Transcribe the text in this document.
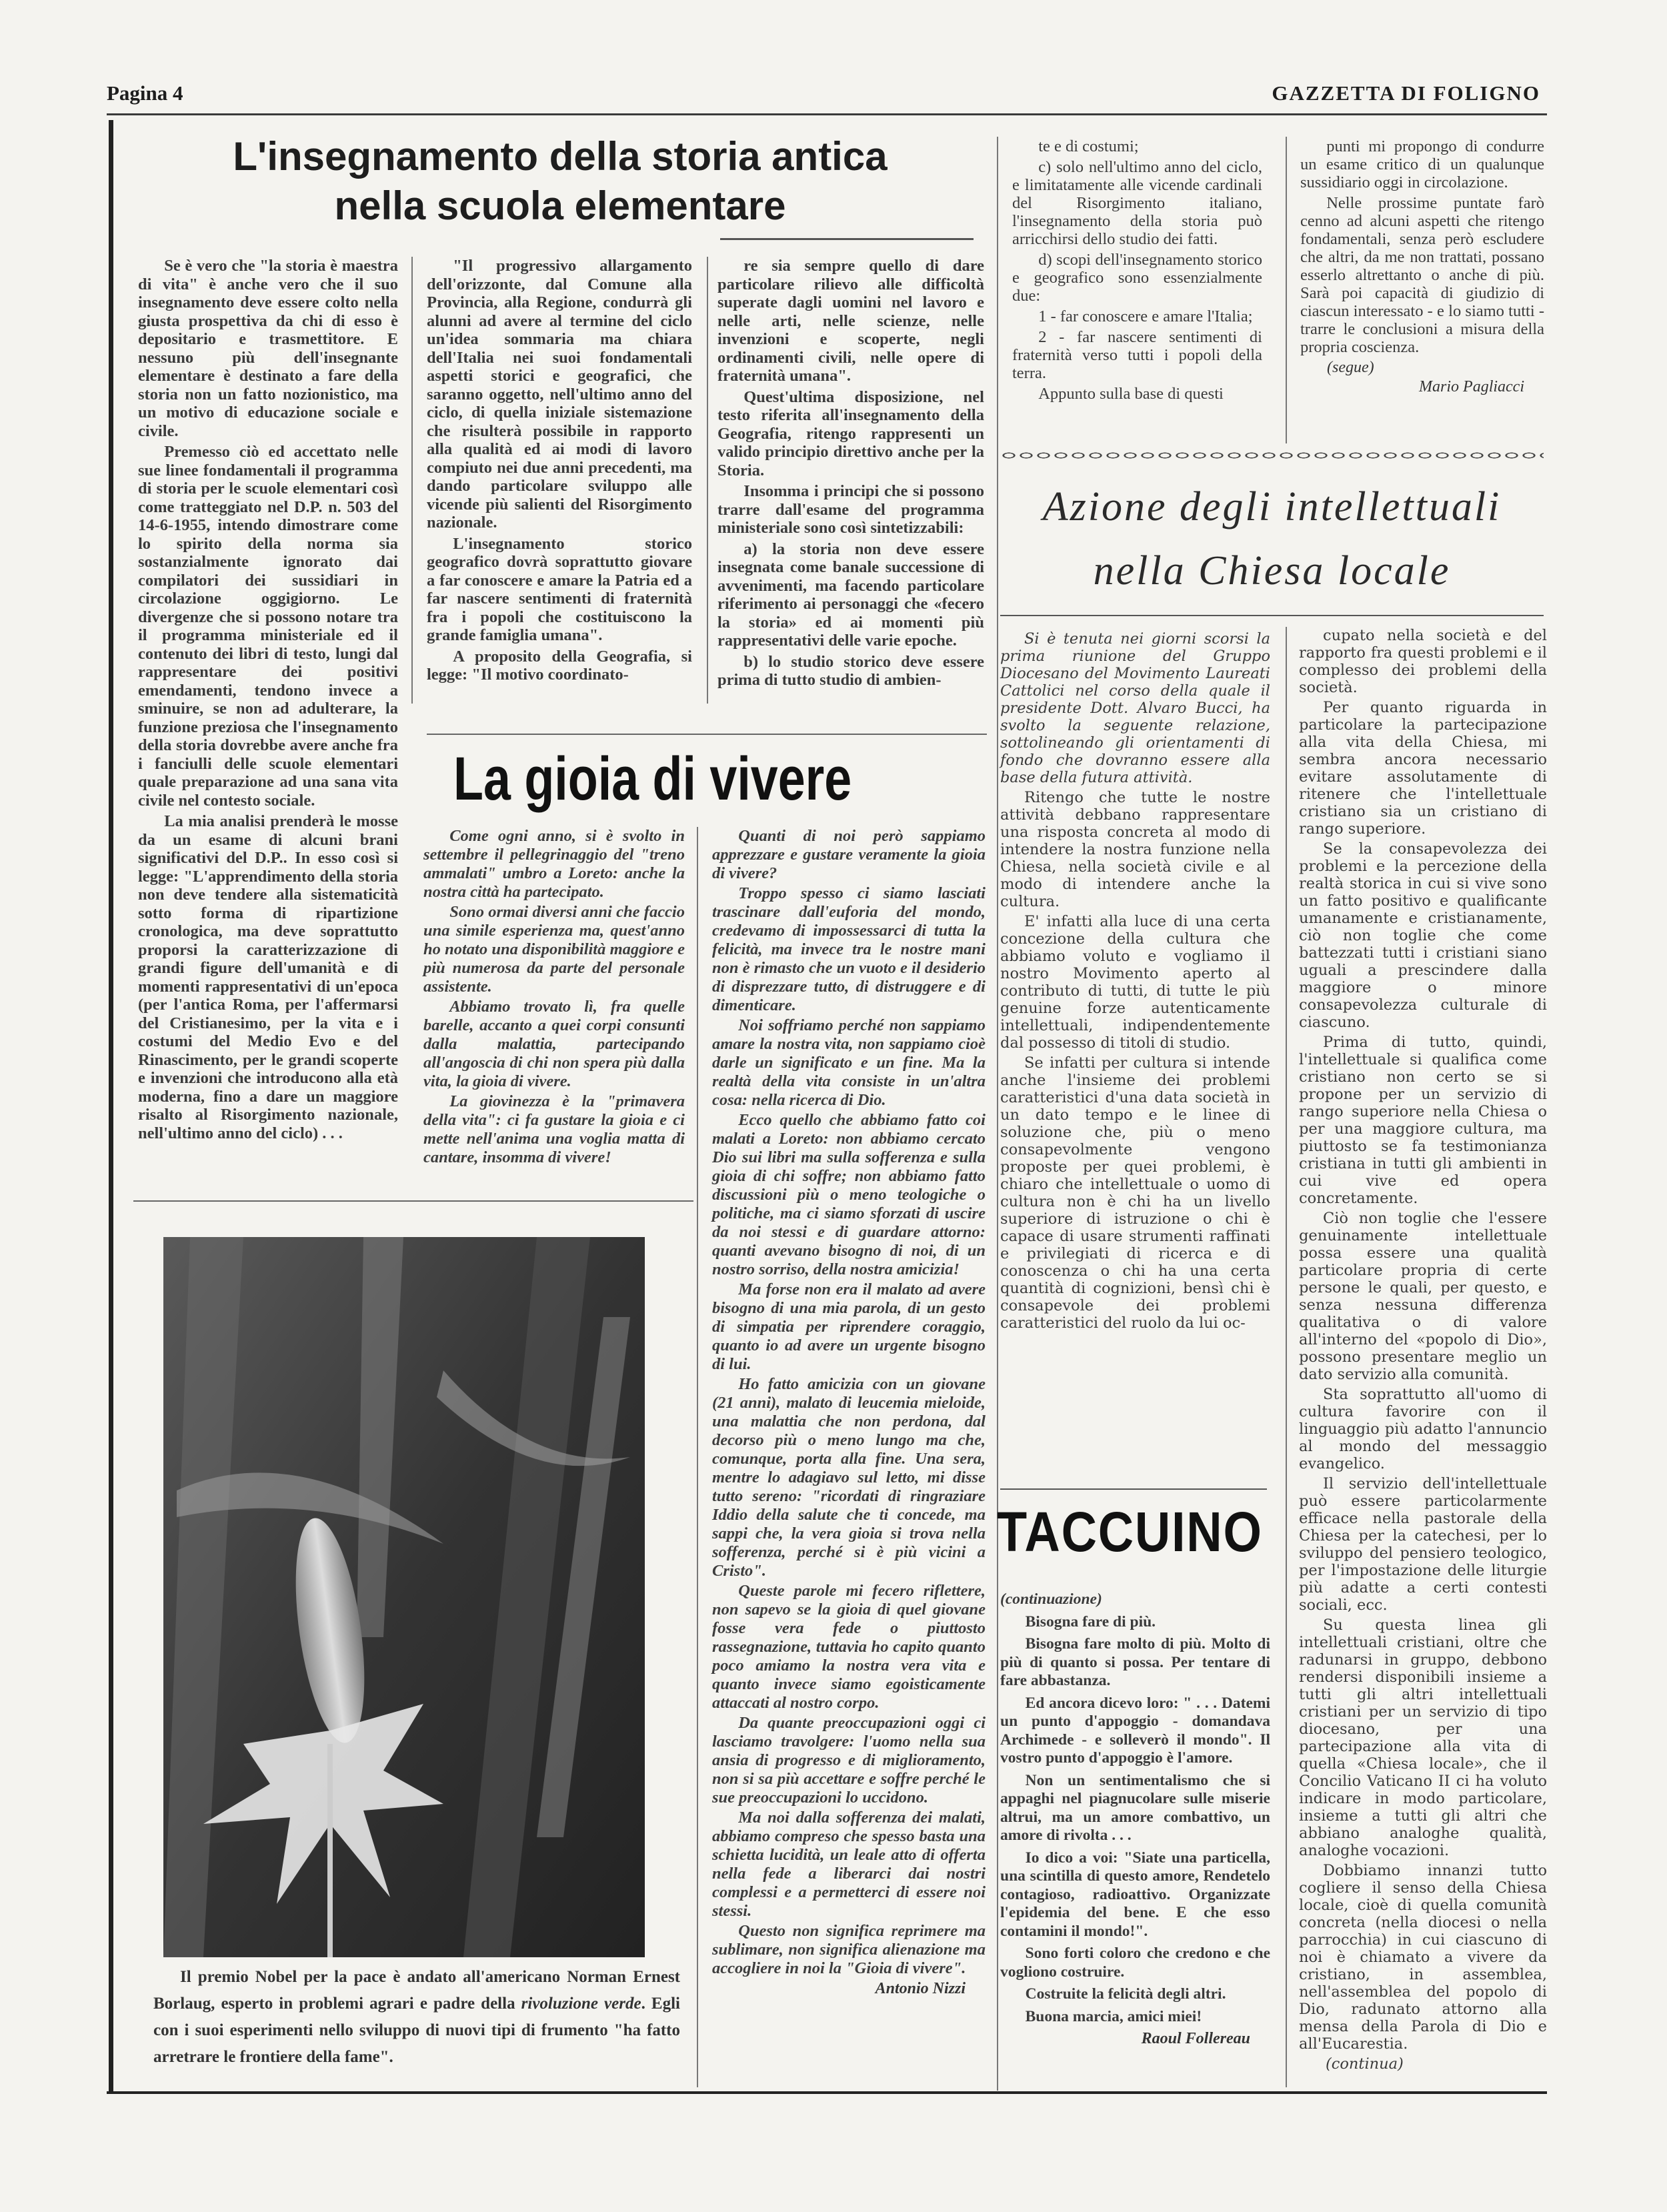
Pagina 4	GAZZETTA DI FOLIGNO
L'insegnamento della storia antica
nella scuola elementare

Se è vero che "la storia è maestra di vita" è anche vero che il suo insegnamento deve essere colto nella giusta prospettiva da chi di esso è depositario e trasmettitore. E nessuno più dell'insegnante elementare è destinato a fare della storia non un fatto nozionistico, ma un motivo di educazione sociale e civile.

Premesso ciò ed accettato nelle sue linee fondamentali il programma di storia per le scuole elementari così come tratteggiato nel D.P. n. 503 del 14-6-1955, intendo dimostrare come lo spirito della norma sia sostanzialmente ignorato dai compilatori dei sussidiari in circolazione oggigiorno. Le divergenze che si possono notare tra il programma ministeriale ed il contenuto dei libri di testo, lungi dal rappresentare dei positivi emendamenti, tendono invece a sminuire, se non ad adulterare, la funzione preziosa che l'insegnamento della storia dovrebbe avere anche fra i fanciulli delle scuole elementari quale preparazione ad una sana vita civile nel contesto sociale.

La mia analisi prenderà le mosse da un esame di alcuni brani significativi del D.P.. In esso così si legge: "L'apprendimento della storia non deve tendere alla sistematicità sotto forma di ripartizione cronologica, ma deve soprattutto proporsi la caratterizzazione di grandi figure dell'umanità e di momenti rappresentativi di un'epoca (per l'antica Roma, per l'affermarsi del Cristianesimo, per la vita e i costumi del Medio Evo e del Rinascimento, per le grandi scoperte e invenzioni che introducono alla età moderna, fino a dare un maggiore risalto al Risorgimento nazionale, nell'ultimo anno del ciclo) . . .

"Il progressivo allargamento dell'orizzonte, dal Comune alla Provincia, alla Regione, condurrà gli alunni ad avere al termine del ciclo un'idea sommaria ma chiara dell'Italia nei suoi fondamentali aspetti storici e geografici, che saranno oggetto, nell'ultimo anno del ciclo, di quella iniziale sistemazione che risulterà possibile in rapporto alla qualità ed ai modi di lavoro compiuto nei due anni precedenti, ma dando particolare sviluppo alle vicende più salienti del Risorgimento nazionale.

L'insegnamento storico geografico dovrà soprattutto giovare a far conoscere e amare la Patria ed a far nascere sentimenti di fraternità fra i popoli che costituiscono la grande famiglia umana".

A proposito della Geografia, si legge: "Il motivo coordinato-

re sia sempre quello di dare particolare rilievo alle difficoltà superate dagli uomini nel lavoro e nelle arti, nelle scienze, nelle invenzioni e scoperte, negli ordinamenti civili, nelle opere di fraternità umana".

Quest'ultima disposizione, nel testo riferita all'insegnamento della Geografia, ritengo rappresenti un valido principio direttivo anche per la Storia.

Insomma i principi che si possono trarre dall'esame del programma ministeriale sono così sintetizzabili:

a) la storia non deve essere insegnata come banale successione di avvenimenti, ma facendo particolare riferimento ai personaggi che «fecero la storia» ed ai momenti più rappresentativi delle varie epoche.

b) lo studio storico deve essere prima di tutto studio di ambien-

te e di costumi;

c) solo nell'ultimo anno del ciclo, e limitatamente alle vicende cardinali del Risorgimento italiano, l'insegnamento della storia può arricchirsi dello studio dei fatti.

d) scopi dell'insegnamento storico e geografico sono essenzialmente due:

1 - far conoscere e amare l'Italia;

2 - far nascere sentimenti di fraternità verso tutti i popoli della terra.

Appunto sulla base di questi

punti mi propongo di condurre un esame critico di un qualunque sussidiario oggi in circolazione.

Nelle prossime puntate farò cenno ad alcuni aspetti che ritengo fondamentali, senza però escludere che altri, da me non trattati, possano esserlo altrettanto o anche di più. Sarà poi capacità di giudizio di ciascun interessato - e lo siamo tutti - trarre le conclusioni a misura della propria coscienza.

(segue)
Mario Pagliacci
La gioia di vivere

Come ogni anno, si è svolto in settembre il pellegrinaggio del "treno ammalati" umbro a Loreto: anche la nostra città ha partecipato.

Sono ormai diversi anni che faccio una simile esperienza ma, quest'anno ho notato una disponibilità maggiore e più numerosa da parte del personale assistente.

Abbiamo trovato lì, fra quelle barelle, accanto a quei corpi consunti dalla malattia, partecipando all'angoscia di chi non spera più dalla vita, la gioia di vivere.

La giovinezza è la "primavera della vita": ci fa gustare la gioia e ci mette nell'anima una voglia matta di cantare, insomma di vivere!

Quanti di noi però sappiamo apprezzare e gustare veramente la gioia di vivere?

Troppo spesso ci siamo lasciati trascinare dall'euforia del mondo, credevamo di impossessarci di tutta la felicità, ma invece tra le nostre mani non è rimasto che un vuoto e il desiderio di disprezzare tutto, di distruggere e di dimenticare.

Noi soffriamo perché non sappiamo amare la nostra vita, non sappiamo cioè darle un significato e un fine. Ma la realtà della vita consiste in un'altra cosa: nella ricerca di Dio.

Ecco quello che abbiamo fatto coi malati a Loreto: non abbiamo cercato Dio sui libri ma sulla sofferenza e sulla gioia di chi soffre; non abbiamo fatto discussioni più o meno teologiche o politiche, ma ci siamo sforzati di uscire da noi stessi e di guardare attorno: quanti avevano bisogno di noi, di un nostro sorriso, della nostra amicizia!

Ma forse non era il malato ad avere bisogno di una mia parola, di un gesto di simpatia per riprendere coraggio, quanto io ad avere un urgente bisogno di lui.

Ho fatto amicizia con un giovane (21 anni), malato di leucemia mieloide, una malattia che non perdona, dal decorso più o meno lungo ma che, comunque, porta alla fine. Una sera, mentre lo adagiavo sul letto, mi disse tutto sereno: "ricordati di ringraziare Iddio della salute che ti concede, ma sappi che, la vera gioia si trova nella sofferenza, perché si è più vicini a Cristo".

Queste parole mi fecero riflettere, non sapevo se la gioia di quel giovane fosse vera fede o piuttosto rassegnazione, tuttavia ho capito quanto poco amiamo la nostra vera vita e quanto invece siamo egoisticamente attaccati al nostro corpo.

Da quante preoccupazioni oggi ci lasciamo travolgere: l'uomo nella sua ansia di progresso e di miglioramento, non si sa più accettare e soffre perché le sue preoccupazioni lo uccidono.

Ma noi dalla sofferenza dei malati, abbiamo compreso che spesso basta una schietta lucidità, un leale atto di offerta nella fede a liberarci dai nostri complessi e a permetterci di essere noi stessi.

Questo non significa reprimere ma sublimare, non significa alienazione ma accogliere in noi la "Gioia di vivere".

Antonio Nizzi
Il premio Nobel per la pace è andato all'americano Norman Ernest Borlaug, esperto in problemi agrari e padre della rivoluzione verde. Egli con i suoi esperimenti nello sviluppo di nuovi tipi di frumento "ha fatto arretrare le frontiere della fame".
Azione degli intellettuali
nella Chiesa locale

Si è tenuta nei giorni scorsi la prima riunione del Gruppo Diocesano del Movimento Laureati Cattolici nel corso della quale il presidente Dott. Alvaro Bucci, ha svolto la seguente relazione, sottolineando gli orientamenti di fondo che dovranno essere alla base della futura attività.

Ritengo che tutte le nostre attività debbano rappresentare una risposta concreta al modo di intendere la nostra funzione nella Chiesa, nella società civile e al modo di intendere anche la cultura.

E' infatti alla luce di una certa concezione della cultura che abbiamo voluto e vogliamo il nostro Movimento aperto al contributo di tutti, di tutte le più genuine forze autenticamente intellettuali, indipendentemente dal possesso di titoli di studio.

Se infatti per cultura si intende anche l'insieme dei problemi caratteristici d'una data società in un dato tempo e le linee di soluzione che, più o meno consapevolmente vengono proposte per quei problemi, è chiaro che intellettuale o uomo di cultura non è chi ha un livello superiore di istruzione o chi è capace di usare strumenti raffinati e privilegiati di ricerca e di conoscenza o chi ha una certa quantità di cognizioni, bensì chi è consapevole dei problemi caratteristici del ruolo da lui oc-

cupato nella società e del rapporto fra questi problemi e il complesso dei problemi della società.

Per quanto riguarda in particolare la partecipazione alla vita della Chiesa, mi sembra ancora necessario evitare assolutamente di ritenere che l'intellettuale cristiano sia un cristiano di rango superiore.

Se la consapevolezza dei problemi e la percezione della realtà storica in cui si vive sono un fatto positivo e qualificante umanamente e cristianamente, ciò non toglie che come battezzati tutti i cristiani siano uguali a prescindere dalla maggiore o minore consapevolezza culturale di ciascuno.

Prima di tutto, quindi, l'intellettuale si qualifica come cristiano non certo se si propone per un servizio di rango superiore nella Chiesa o per una maggiore cultura, ma piuttosto se fa testimonianza cristiana in tutti gli ambienti in cui vive ed opera concretamente.

Ciò non toglie che l'essere genuinamente intellettuale possa essere una qualità particolare propria di certe persone le quali, per questo, e senza nessuna differenza qualitativa o di valore all'interno del «popolo di Dio», possono presentare meglio un dato servizio alla comunità.

Sta soprattutto all'uomo di cultura favorire con il linguaggio più adatto l'annuncio al mondo del messaggio evangelico.

Il servizio dell'intellettuale può essere particolarmente efficace nella pastorale della Chiesa per la catechesi, per lo sviluppo del pensiero teologico, per l'impostazione delle liturgie più adatte a certi contesti sociali, ecc.

Su questa linea gli intellettuali cristiani, oltre che radunarsi in gruppo, debbono rendersi disponibili insieme a tutti gli altri intellettuali cristiani per un servizio di tipo diocesano, per una partecipazione alla vita di quella «Chiesa locale», che il Concilio Vaticano II ci ha voluto indicare in modo particolare, insieme a tutti gli altri che abbiano analoghe qualità, analoghe vocazioni.

Dobbiamo innanzi tutto cogliere il senso della Chiesa locale, cioè di quella comunità concreta (nella diocesi o nella parrocchia) in cui ciascuno di noi è chiamato a vivere da cristiano, in assemblea, nell'assemblea del popolo di Dio, radunato attorno alla mensa della Parola di Dio e all'Eucarestia.

(continua)
TACCUINO
(continuazione)

Bisogna fare di più.

Bisogna fare molto di più. Molto di più di quanto si possa. Per tentare di fare abbastanza.

Ed ancora dicevo loro: " . . . Datemi un punto d'appoggio - domandava Archimede - e solleverò il mondo". Il vostro punto d'appoggio è l'amore.

Non un sentimentalismo che si appaghi nel piagnucolare sulle miserie altrui, ma un amore combattivo, un amore di rivolta . . .

Io dico a voi: "Siate una particella, una scintilla di questo amore, Rendetelo contagioso, radioattivo. Organizzate l'epidemia del bene. E che esso contamini il mondo!".

Sono forti coloro che credono e che vogliono costruire.

Costruite la felicità degli altri.

Buona marcia, amici miei!

Raoul Follereau
